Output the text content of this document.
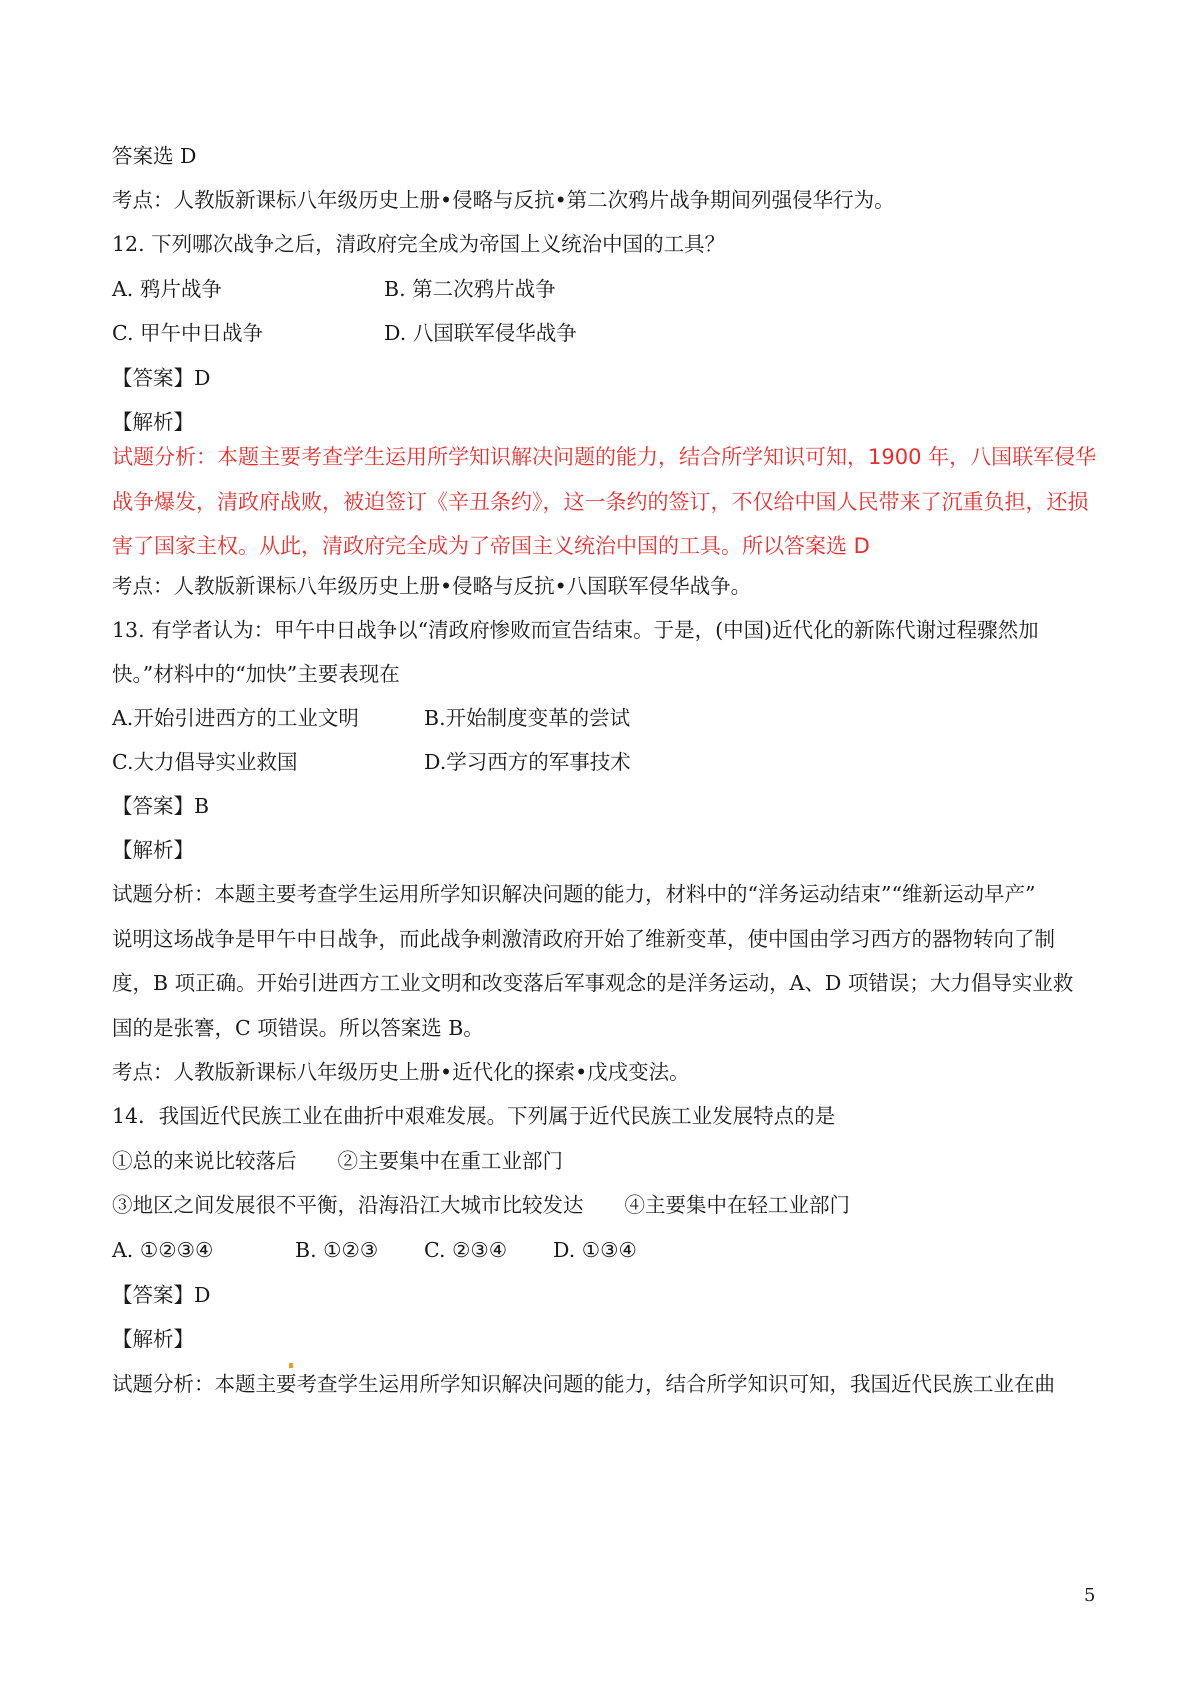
答案选 D
考点：人教版新课标八年级历史上册•侵略与反抗•第二次鸦片战争期间列强侵华行为。
12. 下列哪次战争之后，清政府完全成为帝国上义统治中国的工具？
A. 鸦片战争	B. 第二次鸦片战争
C. 甲午中日战争	D. 八国联军侵华战争
【答案】D
【解析】
试题分析：本题主要考查学生运用所学知识解决问题的能力，结合所学知识可知，1900 年，八国联军侵华
战争爆发，清政府战败，被迫签订《辛丑条约》，这一条约的签订，不仅给中国人民带来了沉重负担，还损
害了国家主权。从此，清政府完全成为了帝国主义统治中国的工具。所以答案选 D
考点：人教版新课标八年级历史上册•侵略与反抗•八国联军侵华战争。
13. 有学者认为：甲午中日战争以“清政府惨败而宣告结束。于是，(中国)近代化的新陈代谢过程骤然加
快。”材料中的“加快”主要表现在
A.开始引进西方的工业文明	B.开始制度变革的尝试
C.大力倡导实业救国	D.学习西方的军事技术
【答案】B
【解析】
试题分析：本题主要考查学生运用所学知识解决问题的能力，材料中的“洋务运动结束”“维新运动早产”
说明这场战争是甲午中日战争，而此战争刺激清政府开始了维新变革，使中国由学习西方的器物转向了制
度，B 项正确。开始引进西方工业文明和改变落后军事观念的是洋务运动，A、D 项错误；大力倡导实业救
国的是张謇，C 项错误。所以答案选 B。
考点：人教版新课标八年级历史上册•近代化的探索•戊戌变法。
14．我国近代民族工业在曲折中艰难发展。下列属于近代民族工业发展特点的是
①总的来说比较落后　　②主要集中在重工业部门
③地区之间发展很不平衡，沿海沿江大城市比较发达　　④主要集中在轻工业部门
A. ①②③④	B. ①②③ C. ②③④ D. ①③④
【答案】D
【解析】
试题分析：本题主要考查学生运用所学知识解决问题的能力，结合所学知识可知，我国近代民族工业在曲
5
